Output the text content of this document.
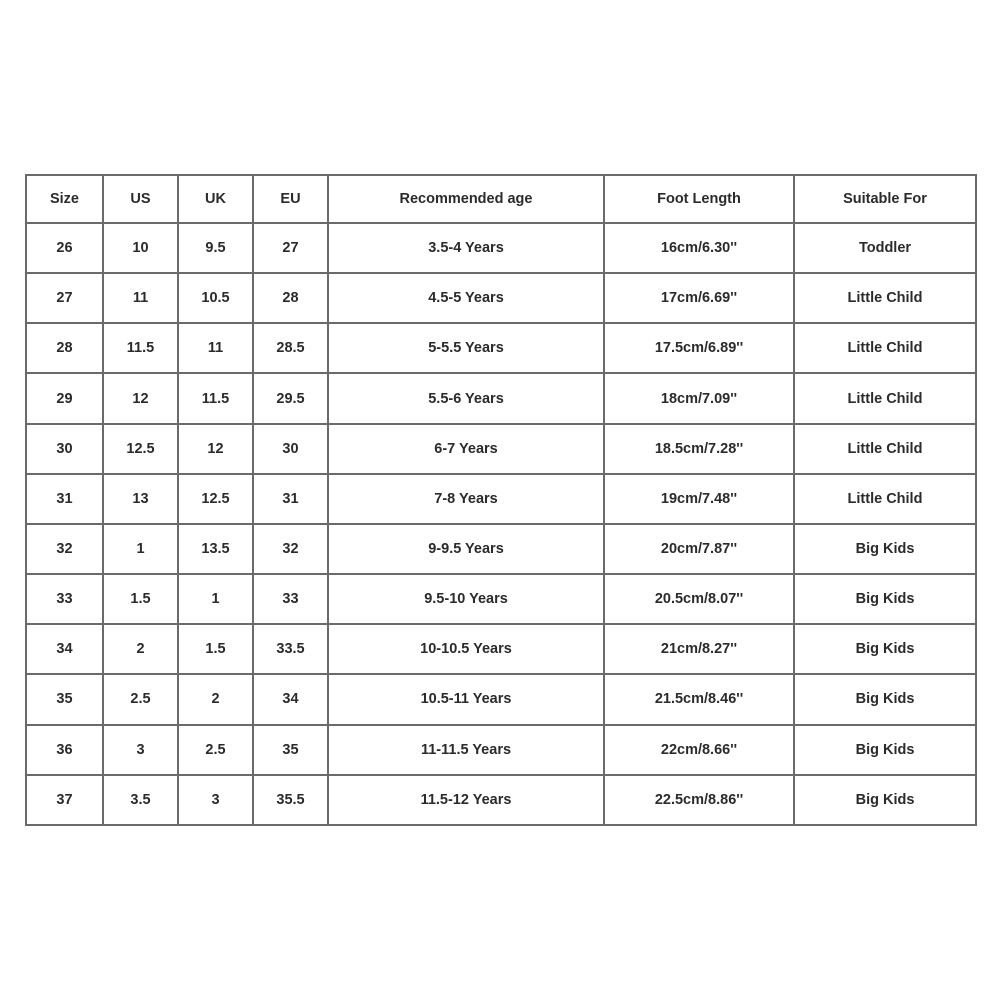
Size	US	UK	EU	Recommended age	Foot Length	Suitable For
26	10	9.5	27	3.5-4 Years	16cm/6.30''	Toddler
27	11	10.5	28	4.5-5 Years	17cm/6.69''	Little Child
28	11.5	11	28.5	5-5.5 Years	17.5cm/6.89''	Little Child
29	12	11.5	29.5	5.5-6 Years	18cm/7.09''	Little Child
30	12.5	12	30	6-7 Years	18.5cm/7.28''	Little Child
31	13	12.5	31	7-8 Years	19cm/7.48''	Little Child
32	1	13.5	32	9-9.5 Years	20cm/7.87''	Big Kids
33	1.5	1	33	9.5-10 Years	20.5cm/8.07''	Big Kids
34	2	1.5	33.5	10-10.5 Years	21cm/8.27''	Big Kids
35	2.5	2	34	10.5-11 Years	21.5cm/8.46''	Big Kids
36	3	2.5	35	11-11.5 Years	22cm/8.66''	Big Kids
37	3.5	3	35.5	11.5-12 Years	22.5cm/8.86''	Big Kids
